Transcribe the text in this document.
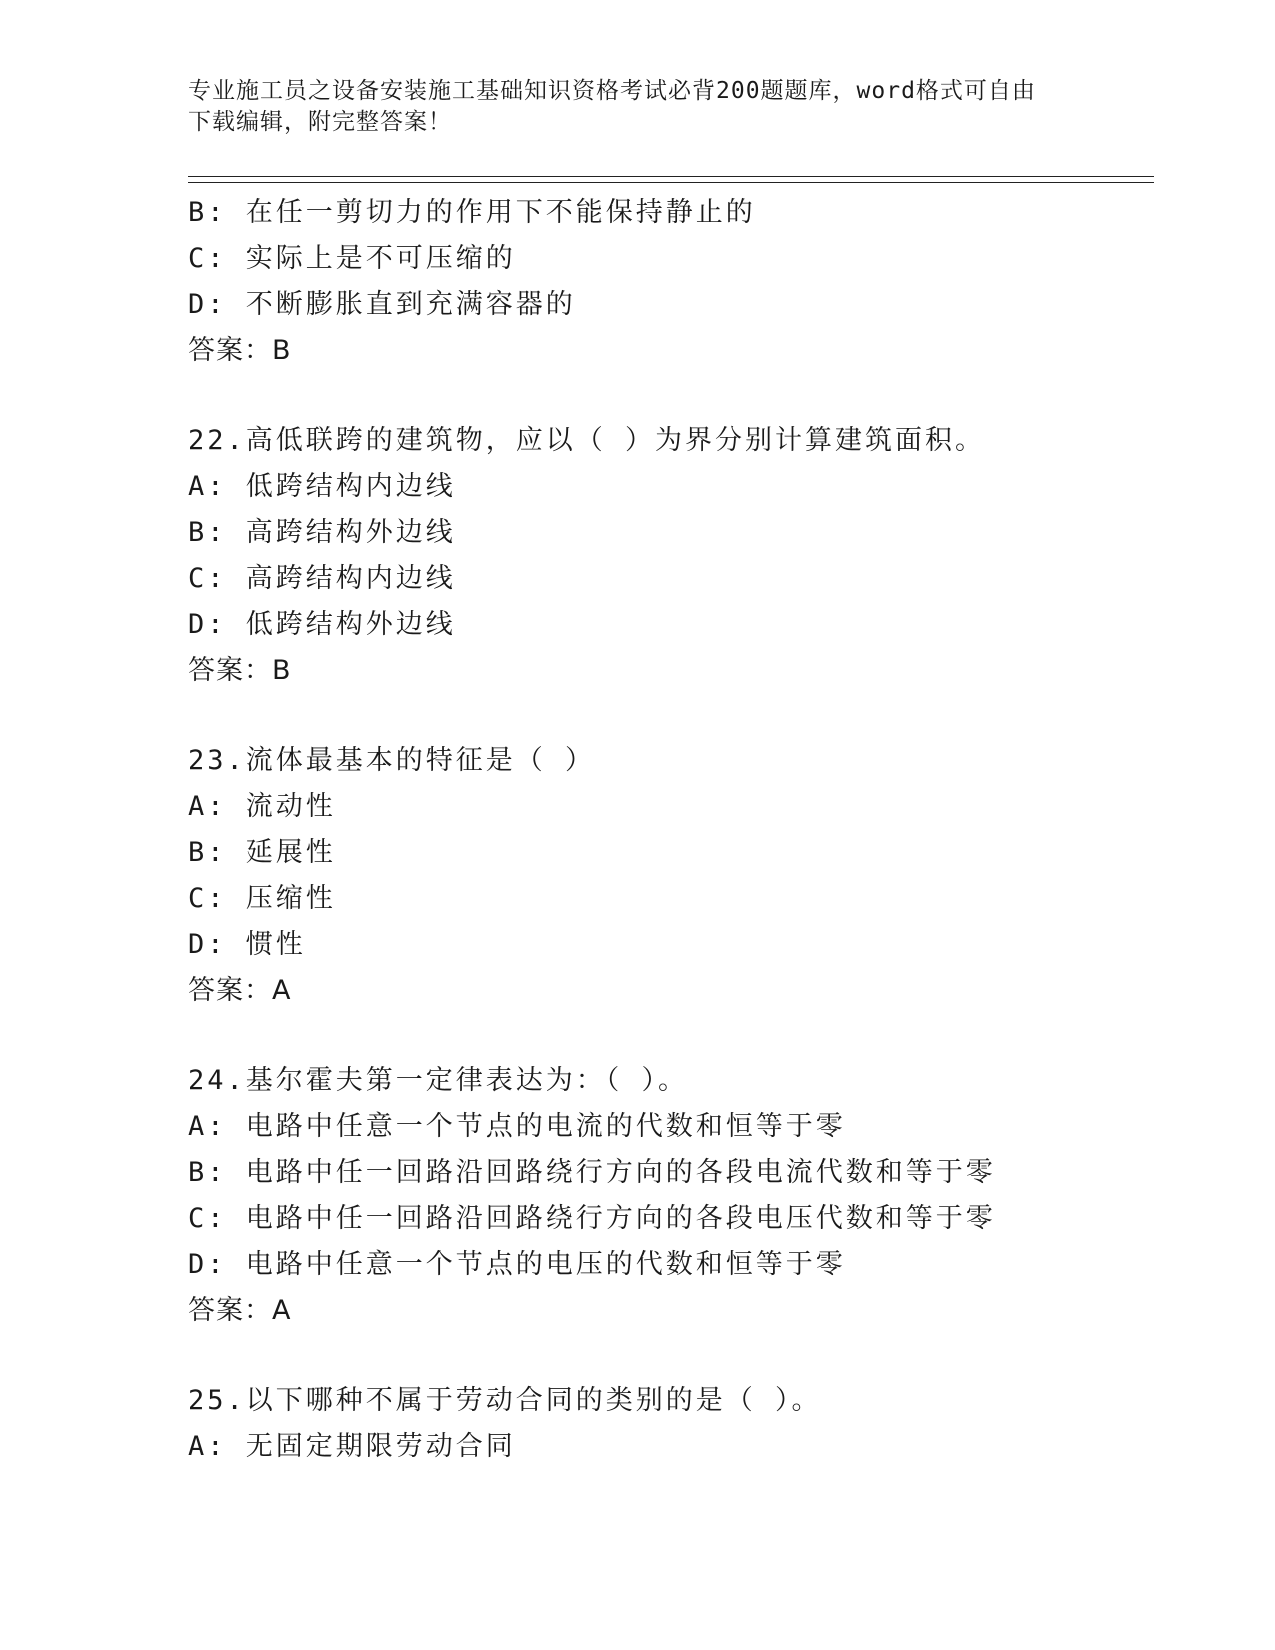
专业施工员之设备安装施工基础知识资格考试必背200题题库，word格式可自由
下载编辑，附完整答案！
B: 在任一剪切力的作用下不能保持静止的
C: 实际上是不可压缩的
D: 不断膨胀直到充满容器的
答案：B
22.高低联跨的建筑物，应以（ ）为界分别计算建筑面积。
A: 低跨结构内边线
B: 高跨结构外边线
C: 高跨结构内边线
D: 低跨结构外边线
答案：B
23.流体最基本的特征是（ ）
A: 流动性
B: 延展性
C: 压缩性
D: 惯性
答案：A
24.基尔霍夫第一定律表达为：（ ）。
A: 电路中任意一个节点的电流的代数和恒等于零
B: 电路中任一回路沿回路绕行方向的各段电流代数和等于零
C: 电路中任一回路沿回路绕行方向的各段电压代数和等于零
D: 电路中任意一个节点的电压的代数和恒等于零
答案：A
25.以下哪种不属于劳动合同的类别的是（ ）。
A: 无固定期限劳动合同
